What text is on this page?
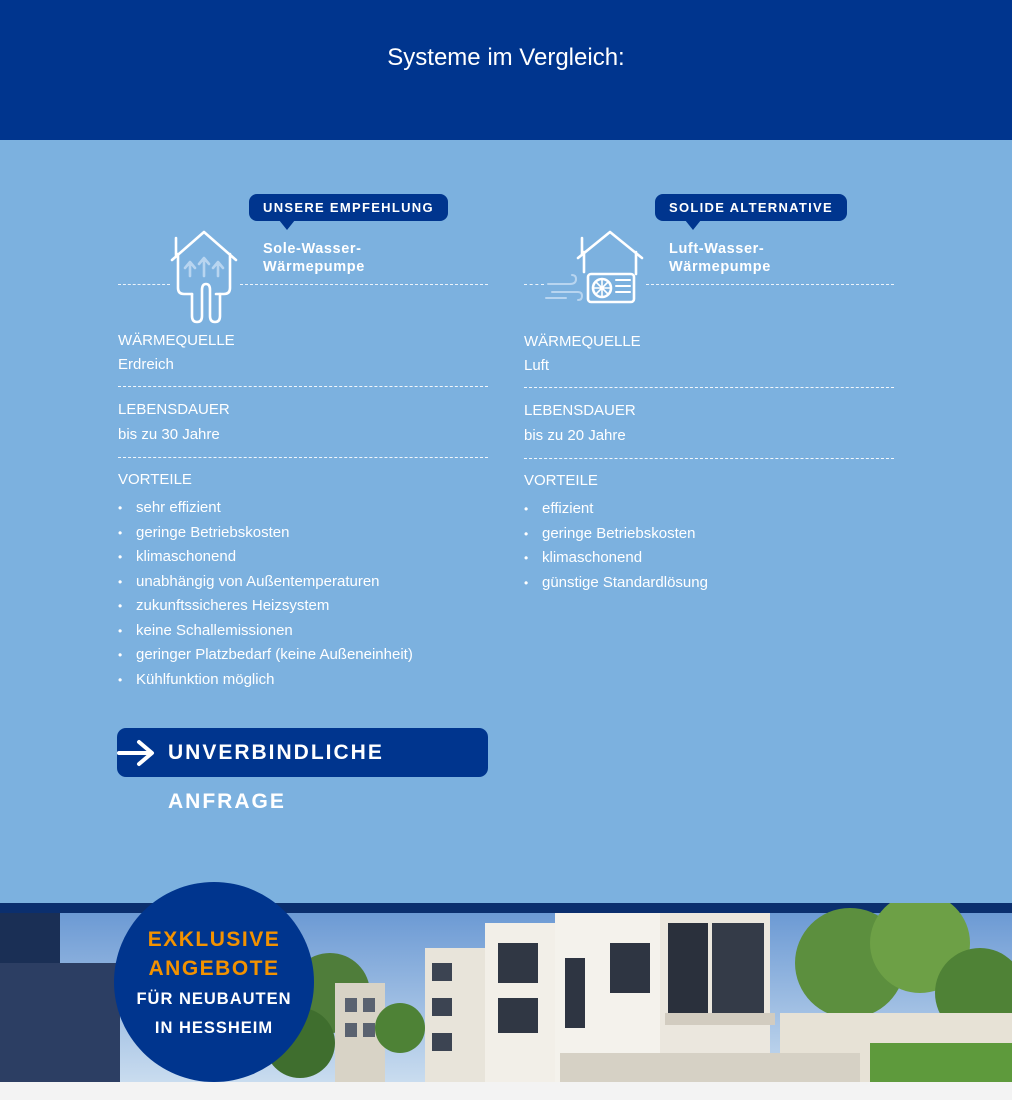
Systeme im Vergleich:
UNSERE EMPFEHLUNG
Sole-Wasser-
Wärmepumpe
WÄRMEQUELLE
Erdreich
LEBENSDAUER
bis zu 30 Jahre
VORTEILE
• sehr effizient
• geringe Betriebskosten
• klimaschonend
• unabhängig von Außentemperaturen
• zukunftssicheres Heizsystem
• keine Schallemissionen
• geringer Platzbedarf (keine Außeneinheit)
• Kühlfunktion möglich
SOLIDE ALTERNATIVE
Luft-Wasser-
Wärmepumpe
WÄRMEQUELLE
Luft
LEBENSDAUER
bis zu 20 Jahre
VORTEILE
• effizient
• geringe Betriebskosten
• klimaschonend
• günstige Standardlösung
UNVERBINDLICHE ANFRAGE
EXKLUSIVE
ANGEBOTE
FÜR NEUBAUTEN
IN HESSHEIM
